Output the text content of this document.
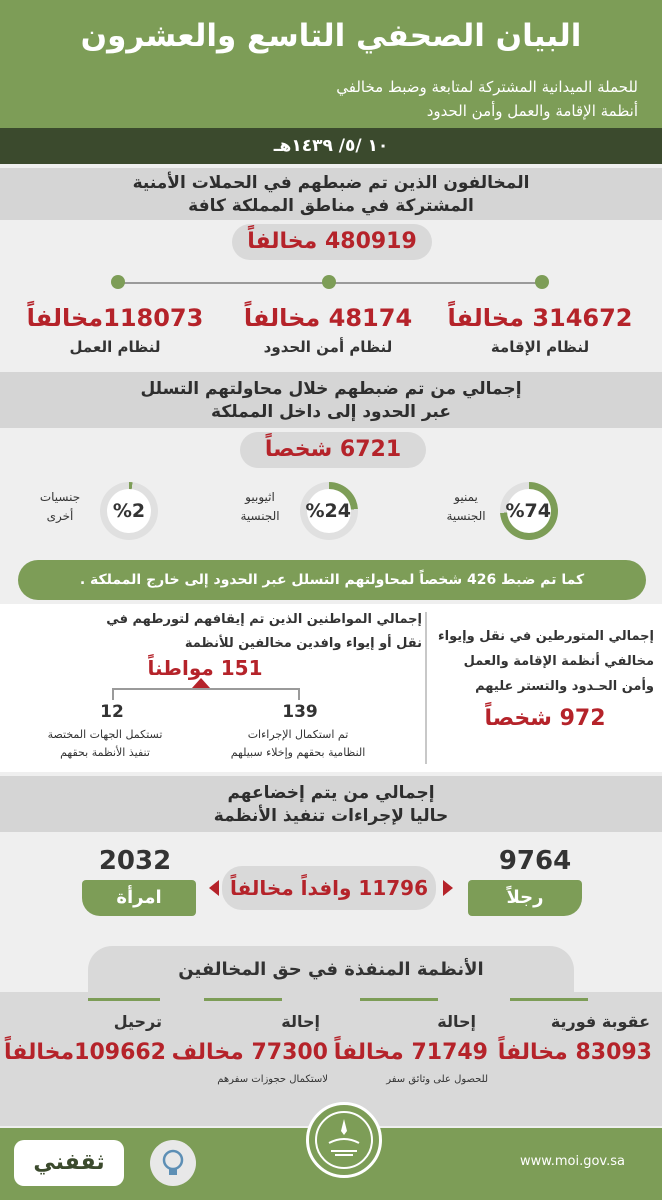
البيان الصحفي التاسع والعشرون
للحملة الميدانية المشتركة لمتابعة وضبط مخالفي
أنظمة الإقامة والعمل وأمن الحدود
١٠ /٥/ ١٤٣٩هـ
المخالفون الذين تم ضبطهم في الحملات الأمنية
المشتركة في مناطق المملكة كافة
480919 مخالفاً
314672 مخالفاً
لنظام الإقامة
48174 مخالفاً
لنظام أمن الحدود
118073مخالفاً
لنظام العمل
إجمالي من تم ضبطهم خلال محاولتهم التسلل
عبر الحدود إلى داخل المملكة
6721 شخصاً
%74
يمنيو
الجنسية
%24
اثيوبيو
الجنسية
%2
جنسيات
أخرى
كما تم ضبط 426 شخصاً لمحاولتهم التسلل عبر الحدود إلى خارج المملكة .
إجمالي المتورطين في نقل وإيواء
مخالفي أنظمة الإقامة والعمل
وأمن الحـدود والتستر عليهم
972 شخصاً
إجمالي المواطنين الذين تم إيقافهم لتورطهم في
نقل أو إيواء وافدين مخالفين للأنظمة
151 مواطناً
139
تم استكمال الإجراءات
النظامية بحقهم وإخلاء سبيلهم
12
تستكمل الجهات المختصة
تنفيذ الأنظمة بحقهم
إجمالي من يتم إخضاعهم
حاليا لإجراءات تنفيذ الأنظمة
9764
رجلاً
2032
امرأة	11796 وافداً مخالفاً
الأنظمة المنفذة في حق المخالفين
عقوبة فورية
83093 مخالفاً
إحالة
71749 مخالفاً
للحصول على وثائق سفر
إحالة
77300 مخالف
لاستكمال حجوزات سفرهم
ترحيل
109662مخالفاً
www.moi.gov.sa
ثقفني
